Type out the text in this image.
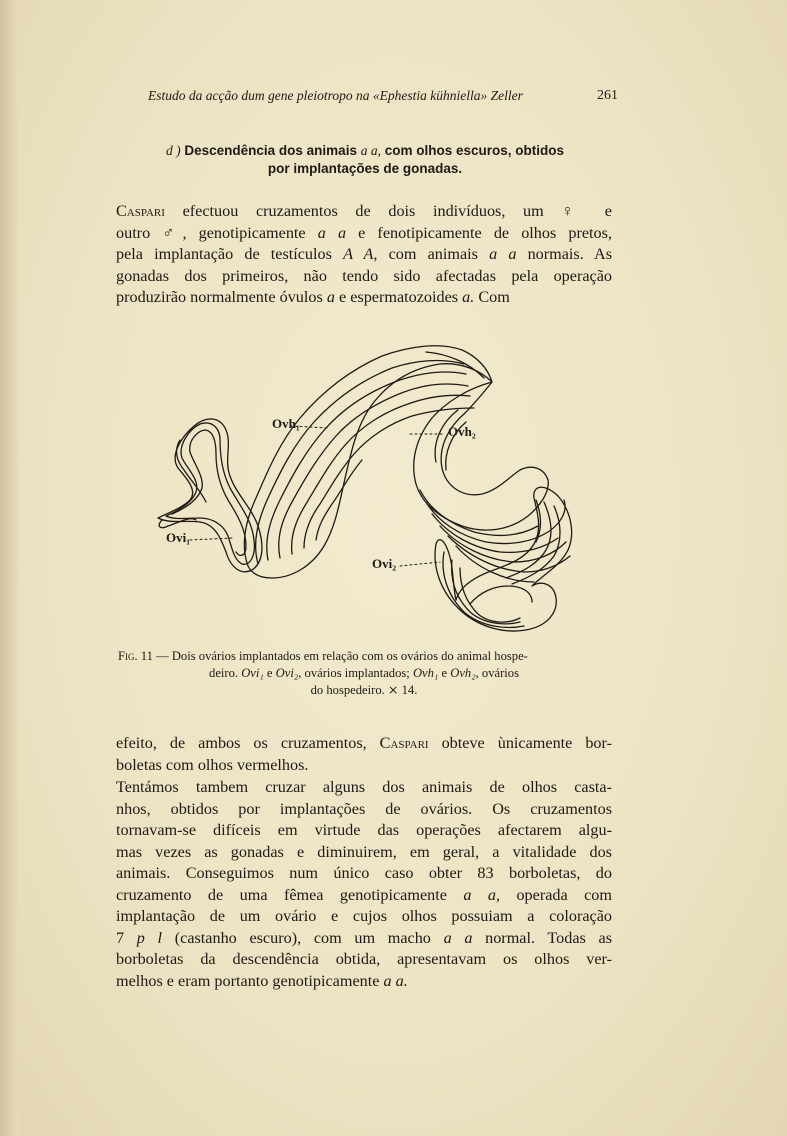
Estudo da acção dum gene pleiotropo na «Ephestia kühniella» Zeller	261
d ) Descendência dos animais a a, com olhos escuros, obtidos
por implantações de gonadas.
Caspari efectuou cruzamentos de dois indivíduos, um ♀ e
outro ♂, genotipicamente a a e fenotipicamente de olhos pretos,
pela implantação de testículos A A, com animais a a normais. As
gonadas dos primeiros, não tendo sido afectadas pela operação
produzirão normalmente óvulos a e espermatozoides a. Com
Ovh₁
Ovh₂
Ovi₁
Ovi₂
Fig. 11 — Dois ovários implantados em relação com os ovários do animal hospe-
deiro. Ovi₁ e Ovi₂, ovários implantados; Ovh₁ e Ovh₂, ovários
do hospedeiro. ⨯ 14.
efeito, de ambos os cruzamentos, Caspari obteve ùnicamente bor-
boletas com olhos vermelhos.
Tentámos tambem cruzar alguns dos animais de olhos casta-
nhos, obtidos por implantações de ovários. Os cruzamentos
tornavam-se difíceis em virtude das operações afectarem algu-
mas vezes as gonadas e diminuirem, em geral, a vitalidade dos
animais. Conseguimos num único caso obter 83 borboletas, do
cruzamento de uma fêmea genotipicamente a a, operada com
implantação de um ovário e cujos olhos possuiam a coloração
7 p l (castanho escuro), com um macho a a normal. Todas as
borboletas da descendência obtida, apresentavam os olhos ver-
melhos e eram portanto genotipicamente a a.
